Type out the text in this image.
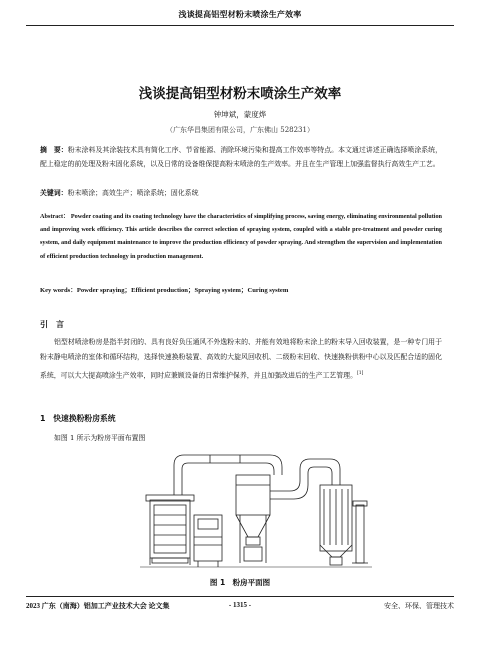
浅谈提高铝型材粉末喷涂生产效率
浅谈提高铝型材粉末喷涂生产效率
钟坤斌，蒙度烨
（广东华昌集团有限公司，广东佛山 528231）
摘　要：粉末涂料及其涂装技术具有简化工序、节省能源、消除环境污染和提高工作效率等特点。本文通过讲述正确选择喷涂系统，配上稳定的前处理及粉末固化系统，以及日常的设备维保提高粉末喷涂的生产效率。并且在生产管理上加强监督执行高效生产工艺。
关键词：粉末喷涂；高效生产；喷涂系统；固化系统
Abstract： Powder coating and its coating technology have the characteristics of simplifying process, saving energy, eliminating environmental pollution and improving work efficiency. This article describes the correct selection of spraying system, coupled with a stable pre-treatment and powder curing system, and daily equipment maintenance to improve the production efficiency of powder spraying. And strengthen the supervision and implementation of efficient production technology in production management.
Key words：Powder spraying；Efficient production；Spraying system；Curing system
引　言
铝型材喷涂粉房是指半封闭的、具有良好负压通风不外逸粉末的、并能有效地将粉末涂上的粉末导入回收装置，是一种专门用于粉末静电喷涂的室体和循环结构，选择快速换粉装置、高效的大旋风回收机、二级粉末回收、快速换粉供粉中心以及匹配合适的固化系统，可以大大提高喷涂生产效率，同时应兼顾设备的日常维护保养，并且加强改进后的生产工艺管理。[1]
1　快速换粉粉房系统
如图 1 所示为粉房平面布置图
图 1　粉房平面图
2023 广东（南海）铝加工产业技术大会 论文集	- 1315 -	安全、环保、管理技术
